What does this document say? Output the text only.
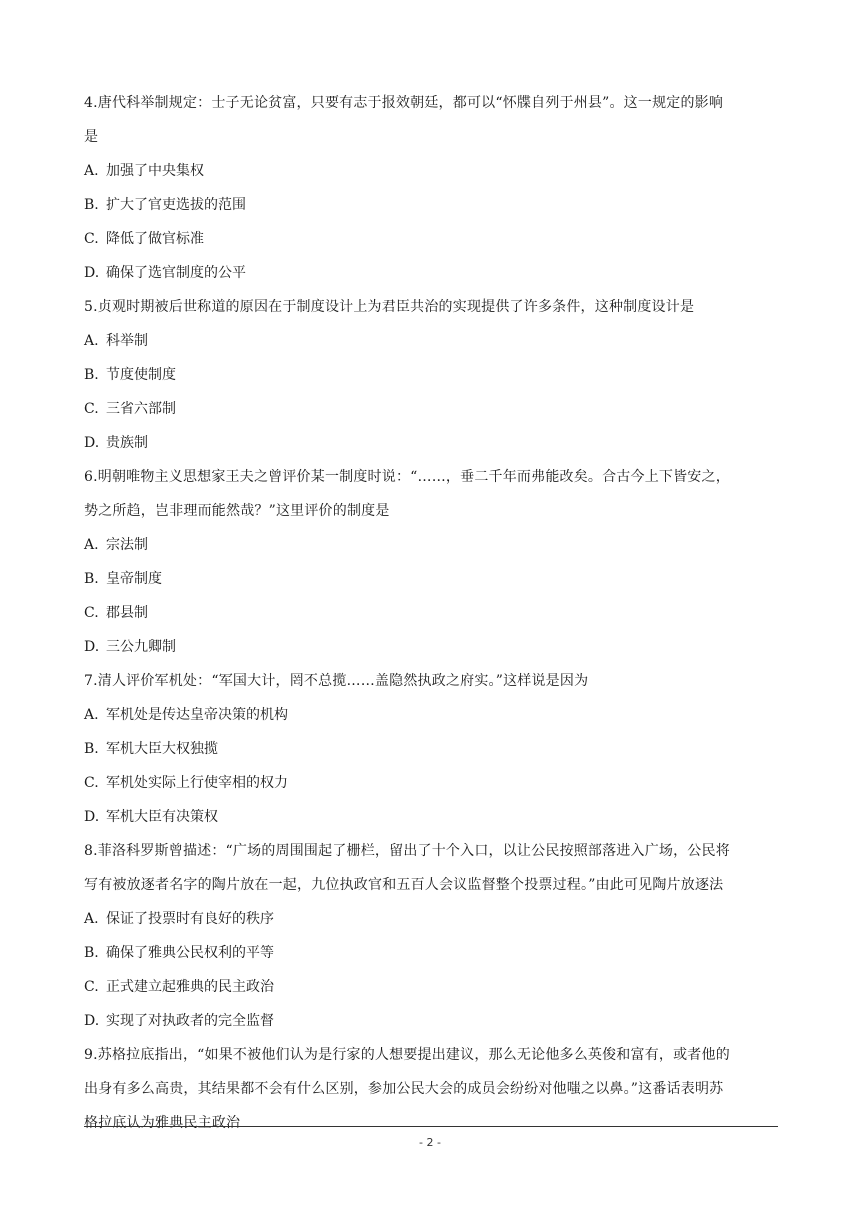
4.唐代科举制规定：士子无论贫富，只要有志于报效朝廷，都可以“怀牒自列于州县”。这一规定的影响
是
A. 加强了中央集权
B. 扩大了官吏选拔的范围
C. 降低了做官标准
D. 确保了选官制度的公平
5.贞观时期被后世称道的原因在于制度设计上为君臣共治的实现提供了许多条件，这种制度设计是
A. 科举制
B. 节度使制度
C. 三省六部制
D. 贵族制
6.明朝唯物主义思想家王夫之曾评价某一制度时说：“……，垂二千年而弗能改矣。合古今上下皆安之，
势之所趋，岂非理而能然哉？”这里评价的制度是
A. 宗法制
B. 皇帝制度
C. 郡县制
D. 三公九卿制
7.清人评价军机处：“军国大计，罔不总揽……盖隐然执政之府实。”这样说是因为
A. 军机处是传达皇帝决策的机构
B. 军机大臣大权独揽
C. 军机处实际上行使宰相的权力
D. 军机大臣有决策权
8.菲洛科罗斯曾描述：“广场的周围围起了栅栏，留出了十个入口，以让公民按照部落进入广场，公民将
写有被放逐者名字的陶片放在一起，九位执政官和五百人会议监督整个投票过程。”由此可见陶片放逐法
A. 保证了投票时有良好的秩序
B. 确保了雅典公民权利的平等
C. 正式建立起雅典的民主政治
D. 实现了对执政者的完全监督
9.苏格拉底指出，“如果不被他们认为是行家的人想要提出建议，那么无论他多么英俊和富有，或者他的
出身有多么高贵，其结果都不会有什么区别，参加公民大会的成员会纷纷对他嗤之以鼻。”这番话表明苏
格拉底认为雅典民主政治
- 2 -
